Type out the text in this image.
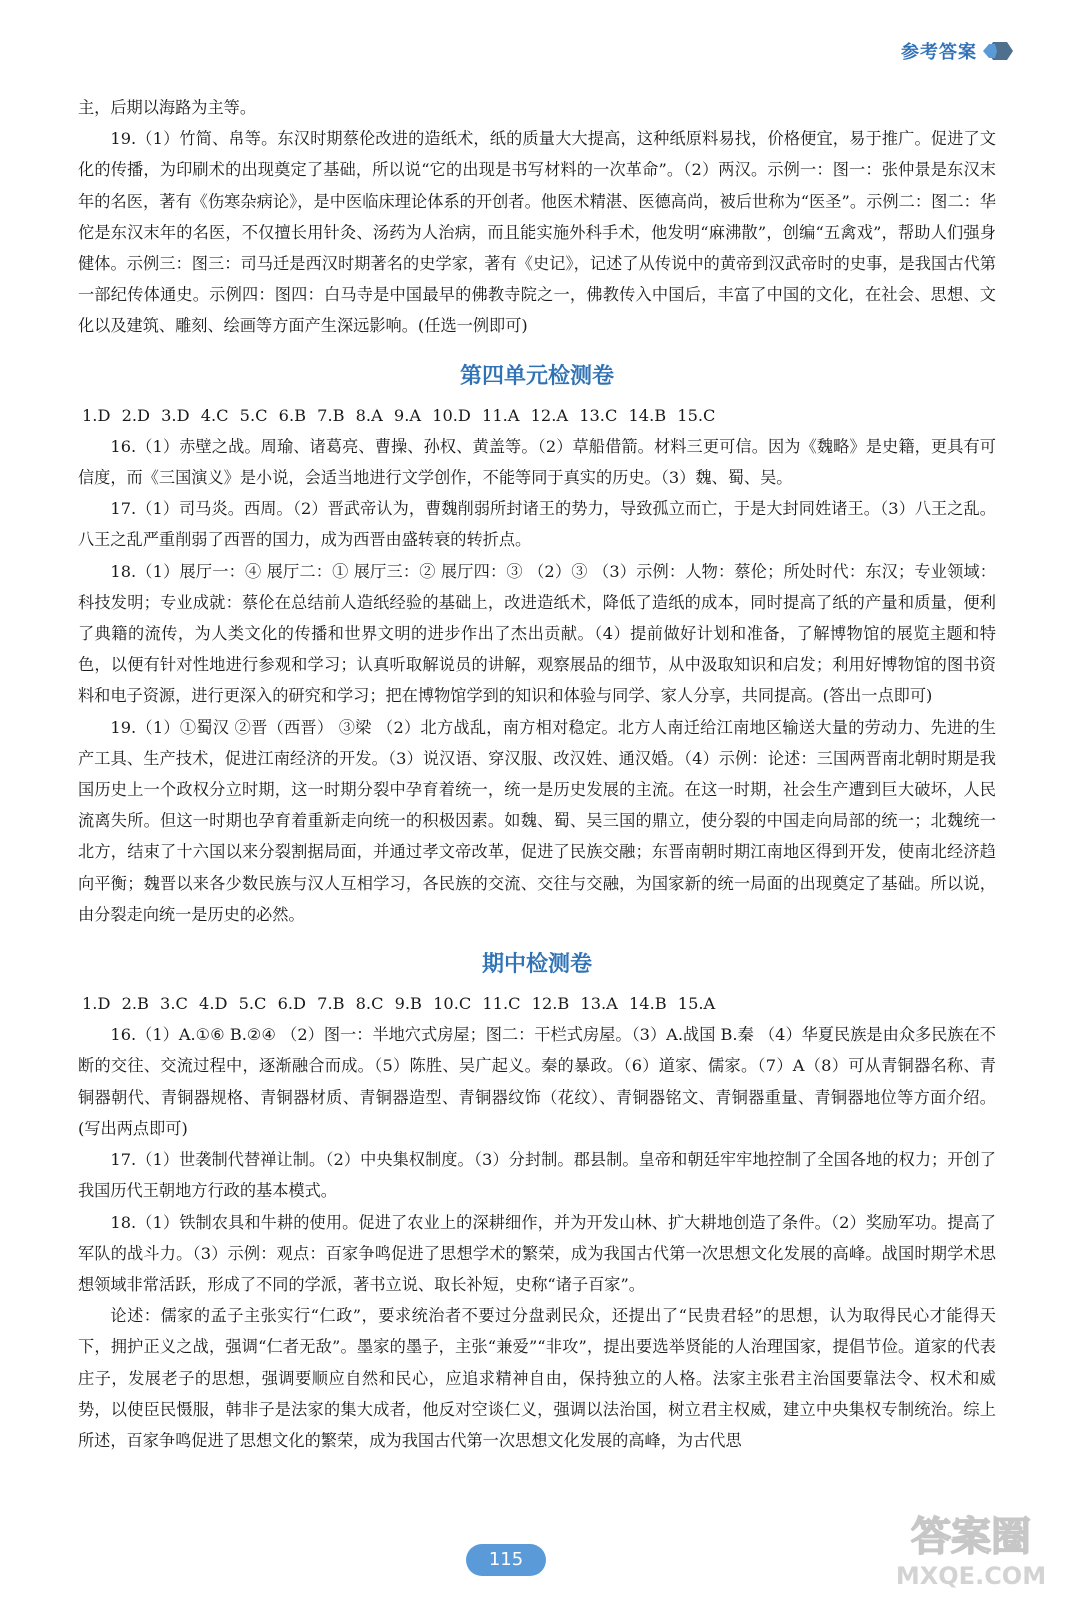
参考答案

主，后期以海路为主等。

19.（1）竹简、帛等。东汉时期蔡伦改进的造纸术，纸的质量大大提高，这种纸原料易找，价格便宜，易于推广。促进了文化的传播，为印刷术的出现奠定了基础，所以说“它的出现是书写材料的一次革命”。（2）两汉。示例一：图一：张仲景是东汉末年的名医，著有《伤寒杂病论》，是中医临床理论体系的开创者。他医术精湛、医德高尚，被后世称为“医圣”。示例二：图二：华佗是东汉末年的名医，不仅擅长用针灸、汤药为人治病，而且能实施外科手术，他发明“麻沸散”，创编“五禽戏”，帮助人们强身健体。示例三：图三：司马迁是西汉时期著名的史学家，著有《史记》，记述了从传说中的黄帝到汉武帝时的史事，是我国古代第一部纪传体通史。示例四：图四：白马寺是中国最早的佛教寺院之一，佛教传入中国后，丰富了中国的文化，在社会、思想、文化以及建筑、雕刻、绘画等方面产生深远影响。(任选一例即可)

第四单元检测卷

1.D 2.D 3.D 4.C 5.C 6.B 7.B 8.A 9.A 10.D 11.A 12.A 13.C 14.B 15.C

16.（1）赤壁之战。周瑜、诸葛亮、曹操、孙权、黄盖等。（2）草船借箭。材料三更可信。因为《魏略》是史籍，更具有可信度，而《三国演义》是小说，会适当地进行文学创作，不能等同于真实的历史。（3）魏、蜀、吴。

17.（1）司马炎。西周。（2）晋武帝认为，曹魏削弱所封诸王的势力，导致孤立而亡，于是大封同姓诸王。（3）八王之乱。八王之乱严重削弱了西晋的国力，成为西晋由盛转衰的转折点。

18.（1）展厅一：④ 展厅二：① 展厅三：② 展厅四：③ （2）③ （3）示例：人物：蔡伦；所处时代：东汉；专业领域：科技发明；专业成就：蔡伦在总结前人造纸经验的基础上，改进造纸术，降低了造纸的成本，同时提高了纸的产量和质量，便利了典籍的流传，为人类文化的传播和世界文明的进步作出了杰出贡献。（4）提前做好计划和准备，了解博物馆的展览主题和特色，以便有针对性地进行参观和学习；认真听取解说员的讲解，观察展品的细节，从中汲取知识和启发；利用好博物馆的图书资料和电子资源，进行更深入的研究和学习；把在博物馆学到的知识和体验与同学、家人分享，共同提高。(答出一点即可)

19.（1）①蜀汉 ②晋（西晋） ③梁 （2）北方战乱，南方相对稳定。北方人南迁给江南地区输送大量的劳动力、先进的生产工具、生产技术，促进江南经济的开发。（3）说汉语、穿汉服、改汉姓、通汉婚。（4）示例：论述：三国两晋南北朝时期是我国历史上一个政权分立时期，这一时期分裂中孕育着统一，统一是历史发展的主流。在这一时期，社会生产遭到巨大破坏，人民流离失所。但这一时期也孕育着重新走向统一的积极因素。如魏、蜀、吴三国的鼎立，使分裂的中国走向局部的统一；北魏统一北方，结束了十六国以来分裂割据局面，并通过孝文帝改革，促进了民族交融；东晋南朝时期江南地区得到开发，使南北经济趋向平衡；魏晋以来各少数民族与汉人互相学习，各民族的交流、交往与交融，为国家新的统一局面的出现奠定了基础。所以说，由分裂走向统一是历史的必然。

期中检测卷

1.D 2.B 3.C 4.D 5.C 6.D 7.B 8.C 9.B 10.C 11.C 12.B 13.A 14.B 15.A

16.（1）A.①⑥ B.②④ （2）图一：半地穴式房屋；图二：干栏式房屋。（3）A.战国 B.秦 （4）华夏民族是由众多民族在不断的交往、交流过程中，逐渐融合而成。（5）陈胜、吴广起义。秦的暴政。（6）道家、儒家。（7）A（8）可从青铜器名称、青铜器朝代、青铜器规格、青铜器材质、青铜器造型、青铜器纹饰（花纹）、青铜器铭文、青铜器重量、青铜器地位等方面介绍。(写出两点即可)

17.（1）世袭制代替禅让制。（2）中央集权制度。（3）分封制。郡县制。皇帝和朝廷牢牢地控制了全国各地的权力；开创了我国历代王朝地方行政的基本模式。

18.（1）铁制农具和牛耕的使用。促进了农业上的深耕细作，并为开发山林、扩大耕地创造了条件。（2）奖励军功。提高了军队的战斗力。（3）示例：观点：百家争鸣促进了思想学术的繁荣，成为我国古代第一次思想文化发展的高峰。战国时期学术思想领域非常活跃，形成了不同的学派，著书立说、取长补短，史称“诸子百家”。

论述：儒家的孟子主张实行“仁政”，要求统治者不要过分盘剥民众，还提出了“民贵君轻”的思想，认为取得民心才能得天下，拥护正义之战，强调“仁者无敌”。墨家的墨子，主张“兼爱”“非攻”，提出要选举贤能的人治理国家，提倡节俭。道家的代表庄子，发展老子的思想，强调要顺应自然和民心，应追求精神自由，保持独立的人格。法家主张君主治国要靠法令、权术和威势，以使臣民慑服，韩非子是法家的集大成者，他反对空谈仁义，强调以法治国，树立君主权威，建立中央集权专制统治。综上所述，百家争鸣促进了思想文化的繁荣，成为我国古代第一次思想文化发展的高峰，为古代思

115	答案圈
MXQE.COM
